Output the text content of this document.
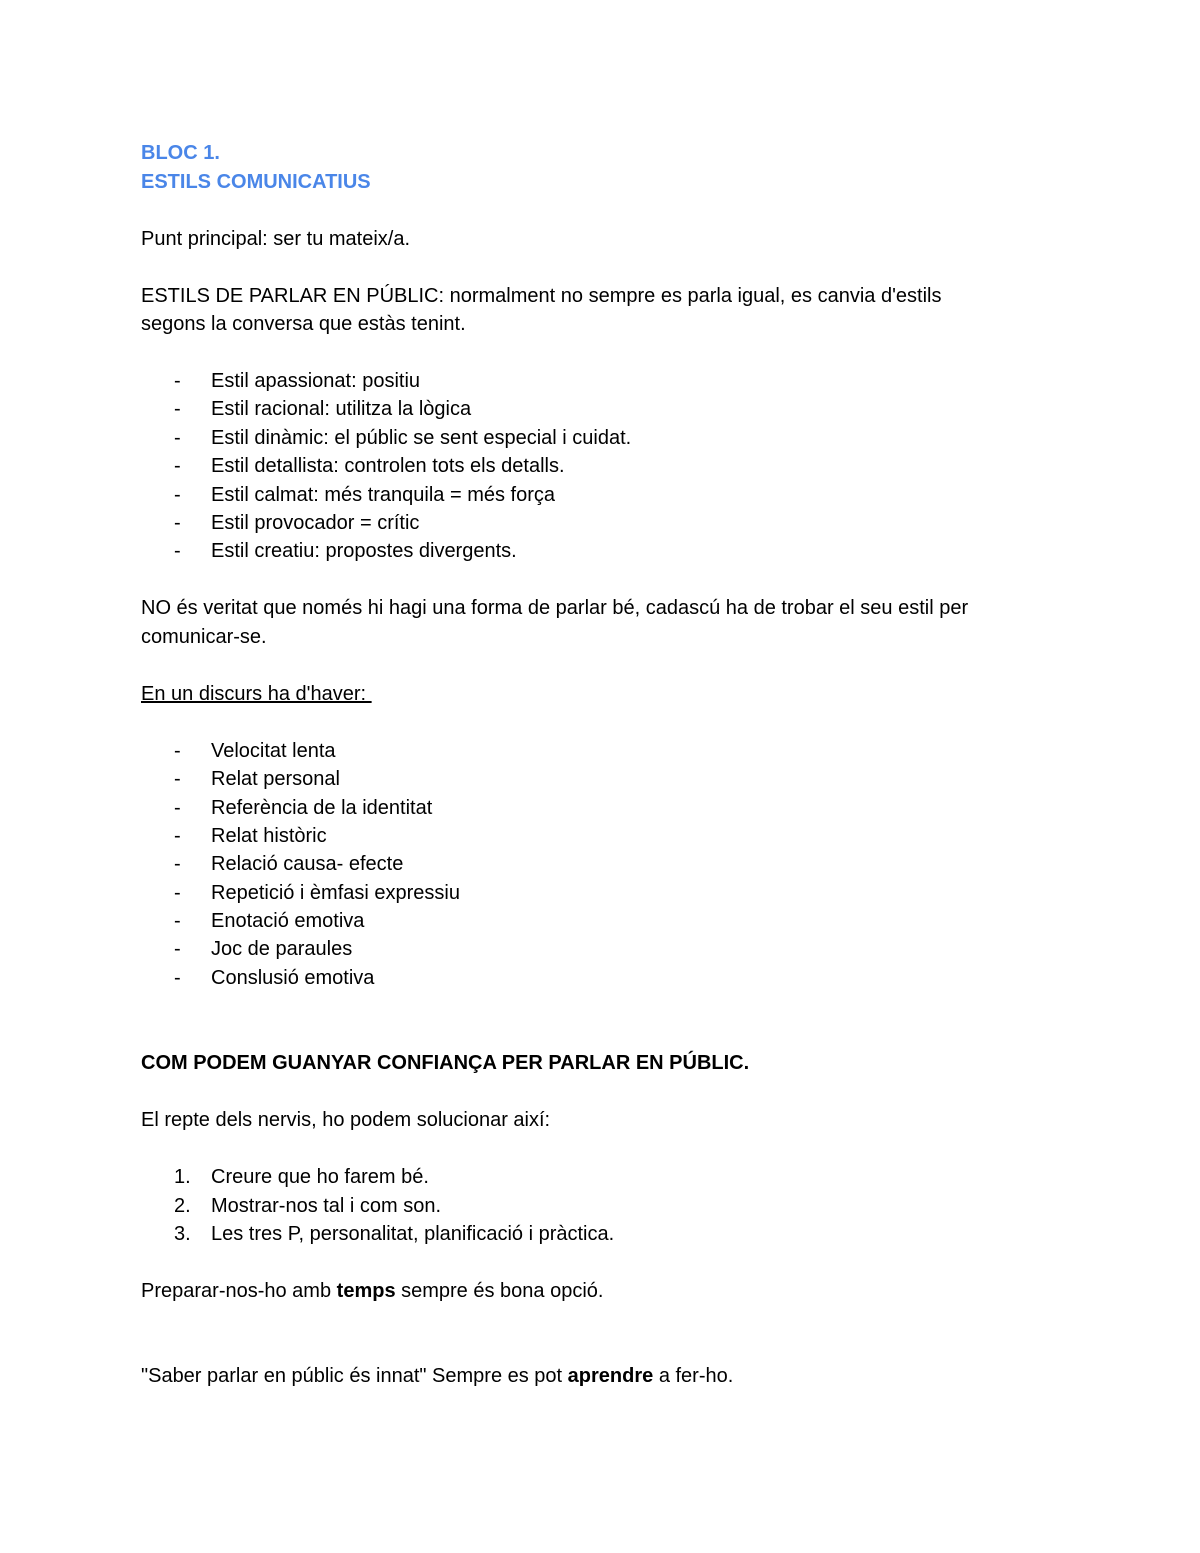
BLOC 1.
ESTILS COMUNICATIUS
Punt principal: ser tu mateix/a.
ESTILS DE PARLAR EN PÚBLIC: normalment no sempre es parla igual, es canvia d'estils
segons la conversa que estàs tenint.
- Estil apassionat: positiu
- Estil racional: utilitza la lògica
- Estil dinàmic: el públic se sent especial i cuidat.
- Estil detallista: controlen tots els detalls.
- Estil calmat: més tranquila = més força
- Estil provocador = crític
- Estil creatiu: propostes divergents.
NO és veritat que només hi hagi una forma de parlar bé, cadascú ha de trobar el seu estil per
comunicar-se.
En un discurs ha d'haver:
- Velocitat lenta
- Relat personal
- Referència de la identitat
- Relat històric
- Relació causa- efecte
- Repetició i èmfasi expressiu
- Enotació emotiva
- Joc de paraules
- Conslusió emotiva
COM PODEM GUANYAR CONFIANÇA PER PARLAR EN PÚBLIC.
El repte dels nervis, ho podem solucionar així:
1. Creure que ho farem bé.
2. Mostrar-nos tal i com son.
3. Les tres P, personalitat, planificació i pràctica.
Preparar-nos-ho amb temps sempre és bona opció.
"Saber parlar en públic és innat" Sempre es pot aprendre a fer-ho.
